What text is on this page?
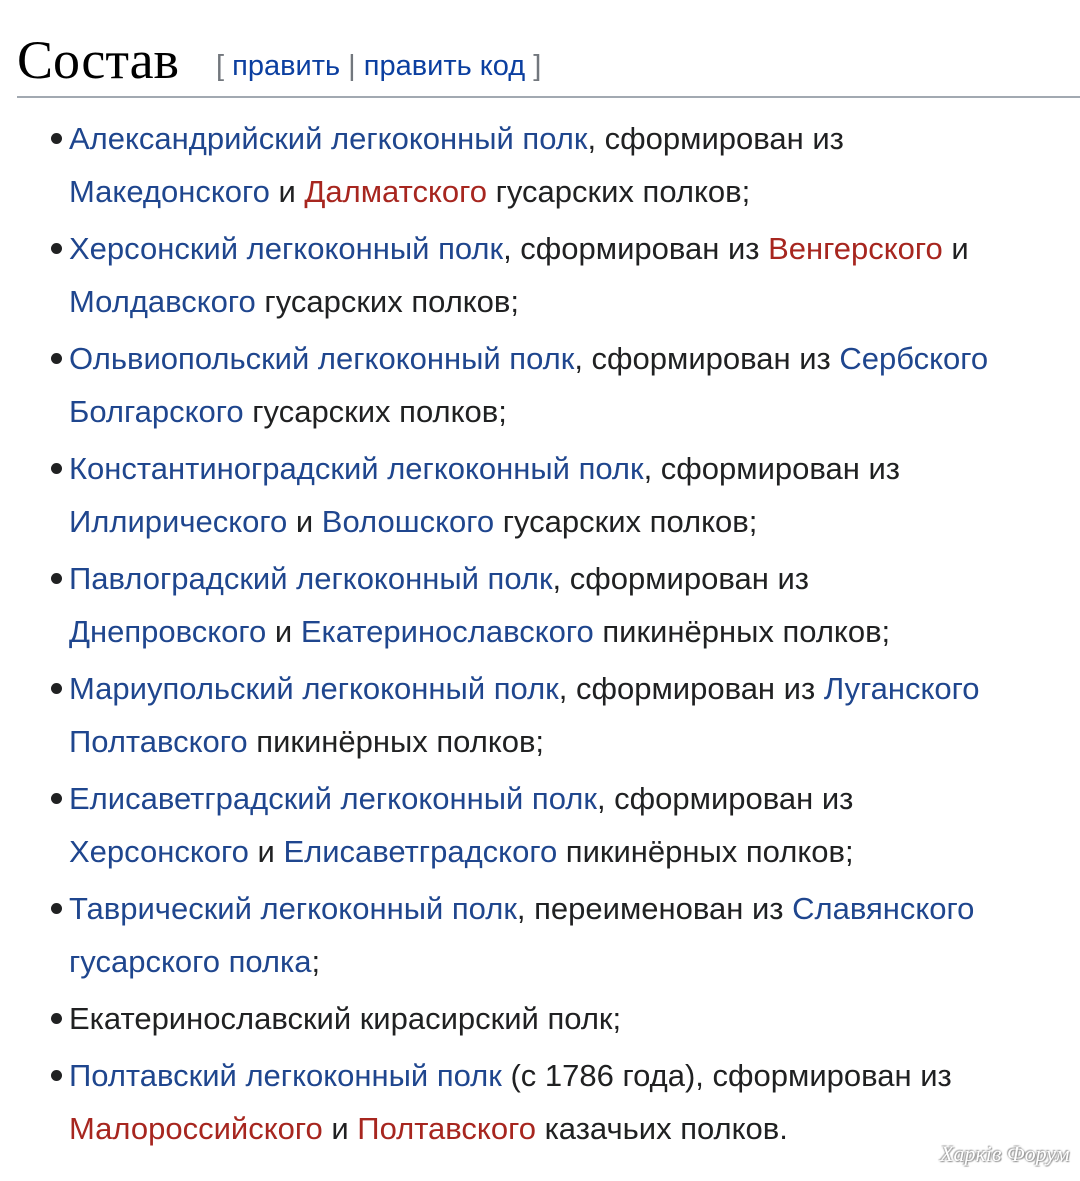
Состав [ править | править код ]
Александрийский легкоконный полк, сформирован из
Македонского и Далматского гусарских полков;
Херсонский легкоконный полк, сформирован из Венгерского и
Молдавского гусарских полков;
Ольвиопольский легкоконный полк, сформирован из Сербского
Болгарского гусарских полков;
Константиноградский легкоконный полк, сформирован из
Иллирического и Волошского гусарских полков;
Павлоградский легкоконный полк, сформирован из
Днепровского и Екатеринославского пикинёрных полков;
Мариупольский легкоконный полк, сформирован из Луганского
Полтавского пикинёрных полков;
Елисаветградский легкоконный полк, сформирован из
Херсонского и Елисаветградского пикинёрных полков;
Таврический легкоконный полк, переименован из Славянского
гусарского полка;
Екатеринославский кирасирский полк;
Полтавский легкоконный полк (с 1786 года), сформирован из
Малороссийского и Полтавского казачьих полков.
Харків Форум
